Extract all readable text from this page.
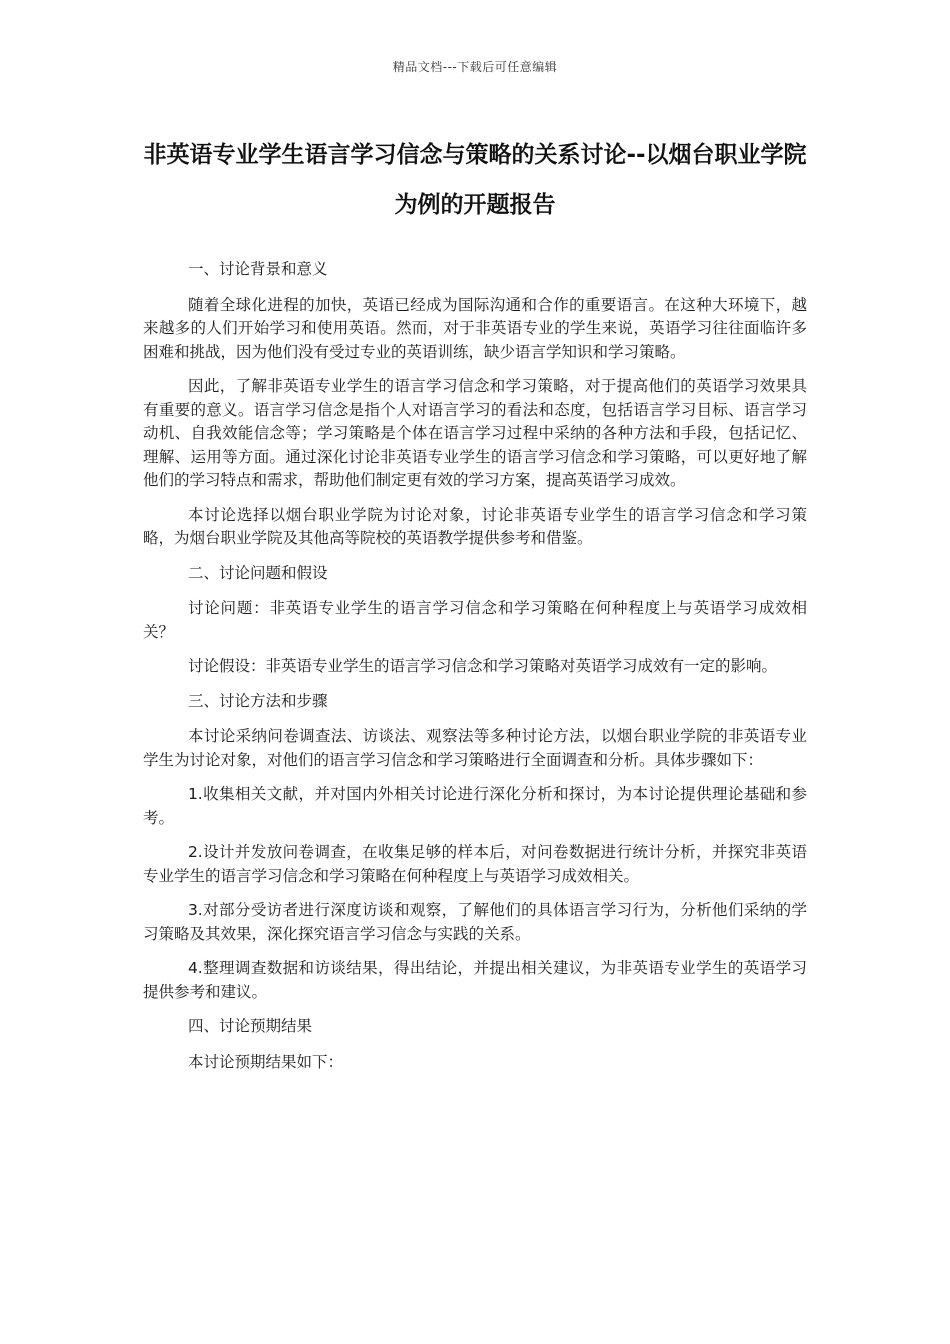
精品文档---下载后可任意编辑
非英语专业学生语言学习信念与策略的关系讨论--以烟台职业学院为例的开题报告

一、讨论背景和意义

随着全球化进程的加快，英语已经成为国际沟通和合作的重要语言。在这种大环境下，越来越多的人们开始学习和使用英语。然而，对于非英语专业的学生来说，英语学习往往面临许多困难和挑战，因为他们没有受过专业的英语训练，缺少语言学知识和学习策略。

因此，了解非英语专业学生的语言学习信念和学习策略，对于提高他们的英语学习效果具有重要的意义。语言学习信念是指个人对语言学习的看法和态度，包括语言学习目标、语言学习动机、自我效能信念等；学习策略是个体在语言学习过程中采纳的各种方法和手段，包括记忆、理解、运用等方面。通过深化讨论非英语专业学生的语言学习信念和学习策略，可以更好地了解他们的学习特点和需求，帮助他们制定更有效的学习方案，提高英语学习成效。

本讨论选择以烟台职业学院为讨论对象，讨论非英语专业学生的语言学习信念和学习策略，为烟台职业学院及其他高等院校的英语教学提供参考和借鉴。

二、讨论问题和假设

讨论问题：非英语专业学生的语言学习信念和学习策略在何种程度上与英语学习成效相关？

讨论假设：非英语专业学生的语言学习信念和学习策略对英语学习成效有一定的影响。

三、讨论方法和步骤

本讨论采纳问卷调查法、访谈法、观察法等多种讨论方法，以烟台职业学院的非英语专业学生为讨论对象，对他们的语言学习信念和学习策略进行全面调查和分析。具体步骤如下：

1.收集相关文献，并对国内外相关讨论进行深化分析和探讨，为本讨论提供理论基础和参考。

2.设计并发放问卷调查，在收集足够的样本后，对问卷数据进行统计分析，并探究非英语专业学生的语言学习信念和学习策略在何种程度上与英语学习成效相关。

3.对部分受访者进行深度访谈和观察，了解他们的具体语言学习行为，分析他们采纳的学习策略及其效果，深化探究语言学习信念与实践的关系。

4.整理调查数据和访谈结果，得出结论，并提出相关建议，为非英语专业学生的英语学习提供参考和建议。

四、讨论预期结果

本讨论预期结果如下：
